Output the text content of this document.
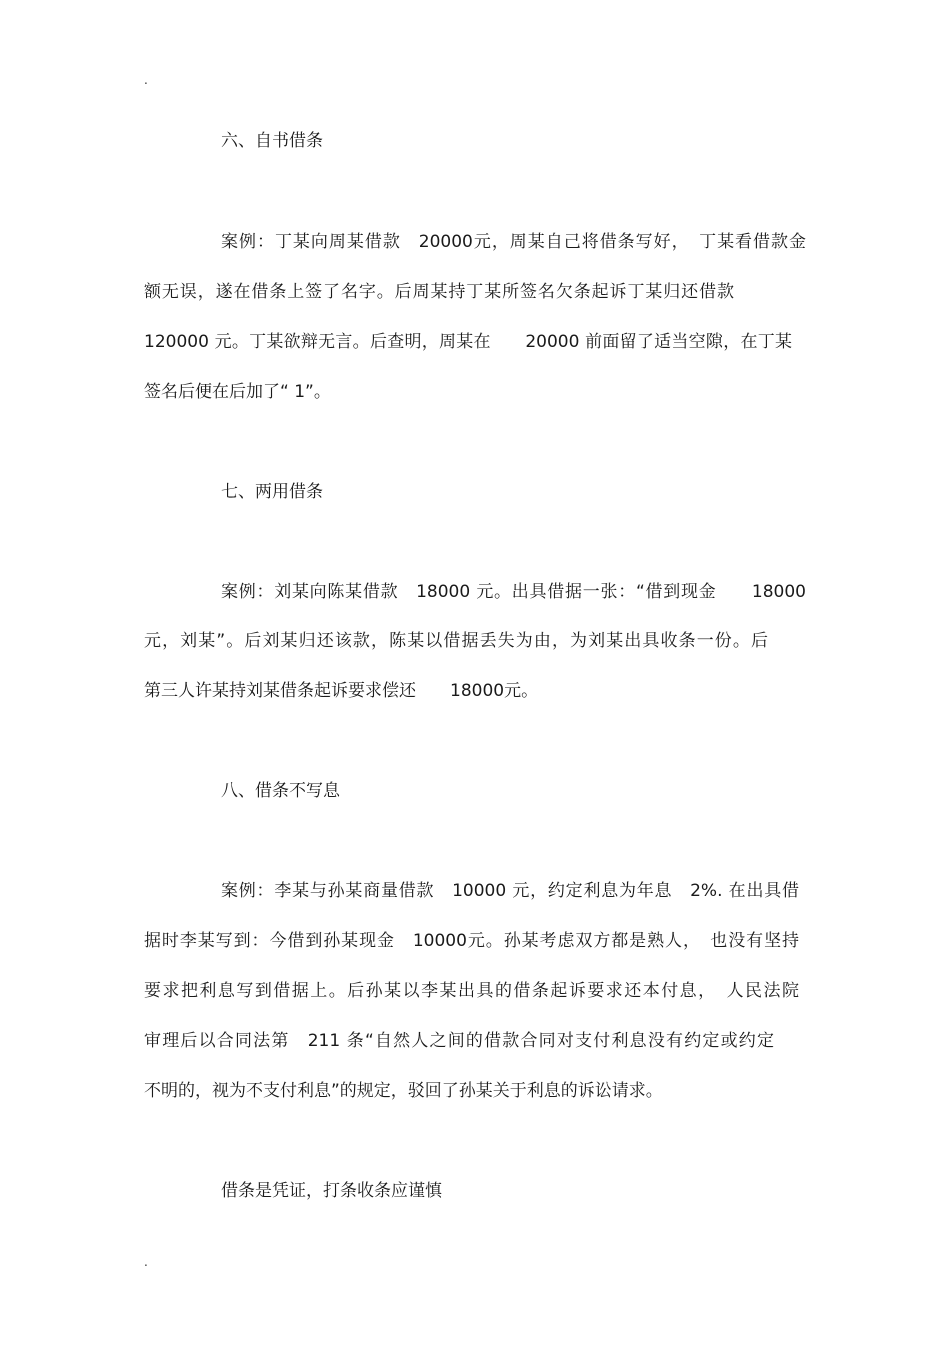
.
六、自书借条
案例：丁某向周某借款　20000元，周某自己将借条写好，　丁某看借款金
额无误，遂在借条上签了名字。后周某持丁某所签名欠条起诉丁某归还借款
120000 元。丁某欲辩无言。后查明，周某在　　20000 前面留了适当空隙，在丁某
签名后便在后加了“ 1”。
七、两用借条
案例：刘某向陈某借款　18000 元。出具借据一张：“借到现金　　18000
元，刘某”。后刘某归还该款，陈某以借据丢失为由，为刘某出具收条一份。后
第三人许某持刘某借条起诉要求偿还　　18000元。
八、借条不写息
案例：李某与孙某商量借款　10000 元，约定利息为年息　2%. 在出具借
据时李某写到：今借到孙某现金　10000元。孙某考虑双方都是熟人，　也没有坚持
要求把利息写到借据上。后孙某以李某出具的借条起诉要求还本付息，　人民法院
审理后以合同法第　211 条“自然人之间的借款合同对支付利息没有约定或约定
不明的，视为不支付利息”的规定，驳回了孙某关于利息的诉讼请求。
借条是凭证，打条收条应谨慎
.
